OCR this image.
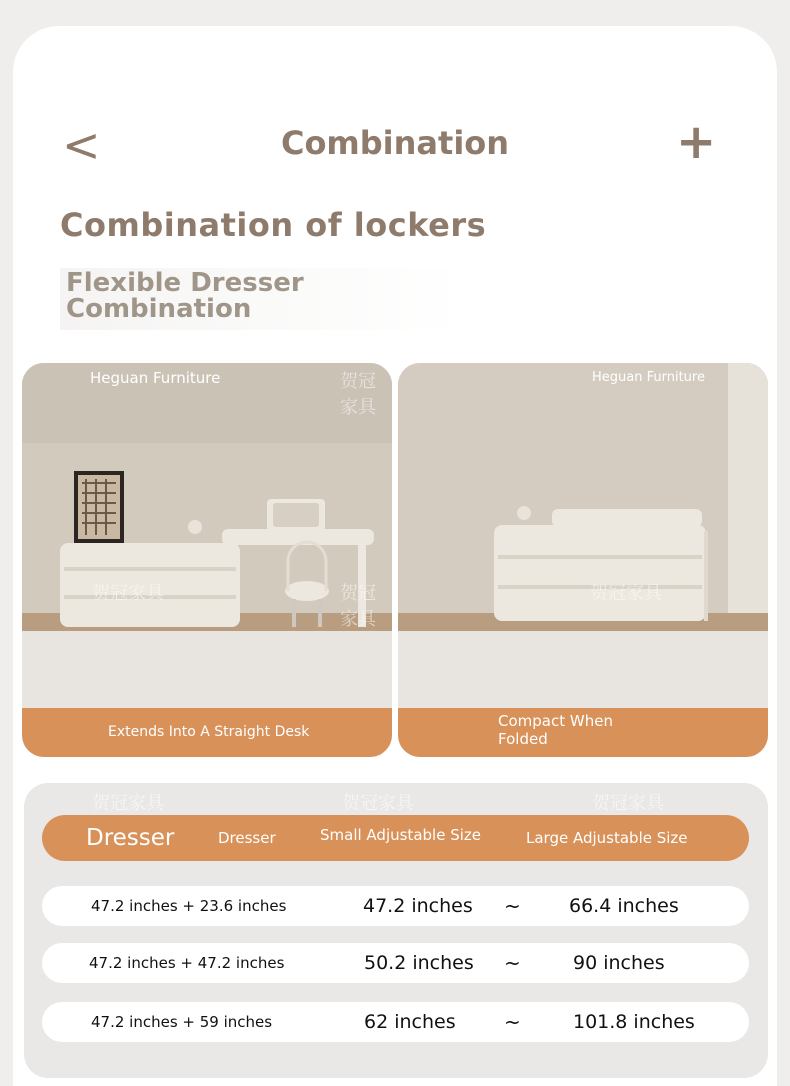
<	Combination	+
Combination of lockers
Flexible Dresser
Combination
Heguan Furniture	贺冠家具
贺冠家具	贺冠家具
Extends Into A Straight Desk
Heguan Furniture
贺冠家具
Compact When
Folded
贺冠家具	贺冠家具	贺冠家具
Dresser	Dresser	Small Adjustable Size	Large Adjustable Size
47.2 inches + 23.6 inches	47.2 inches ~	66.4 inches
47.2 inches + 47.2 inches	50.2 inches ~	90 inches
47.2 inches + 59 inches	62 inches ~	101.8 inches
